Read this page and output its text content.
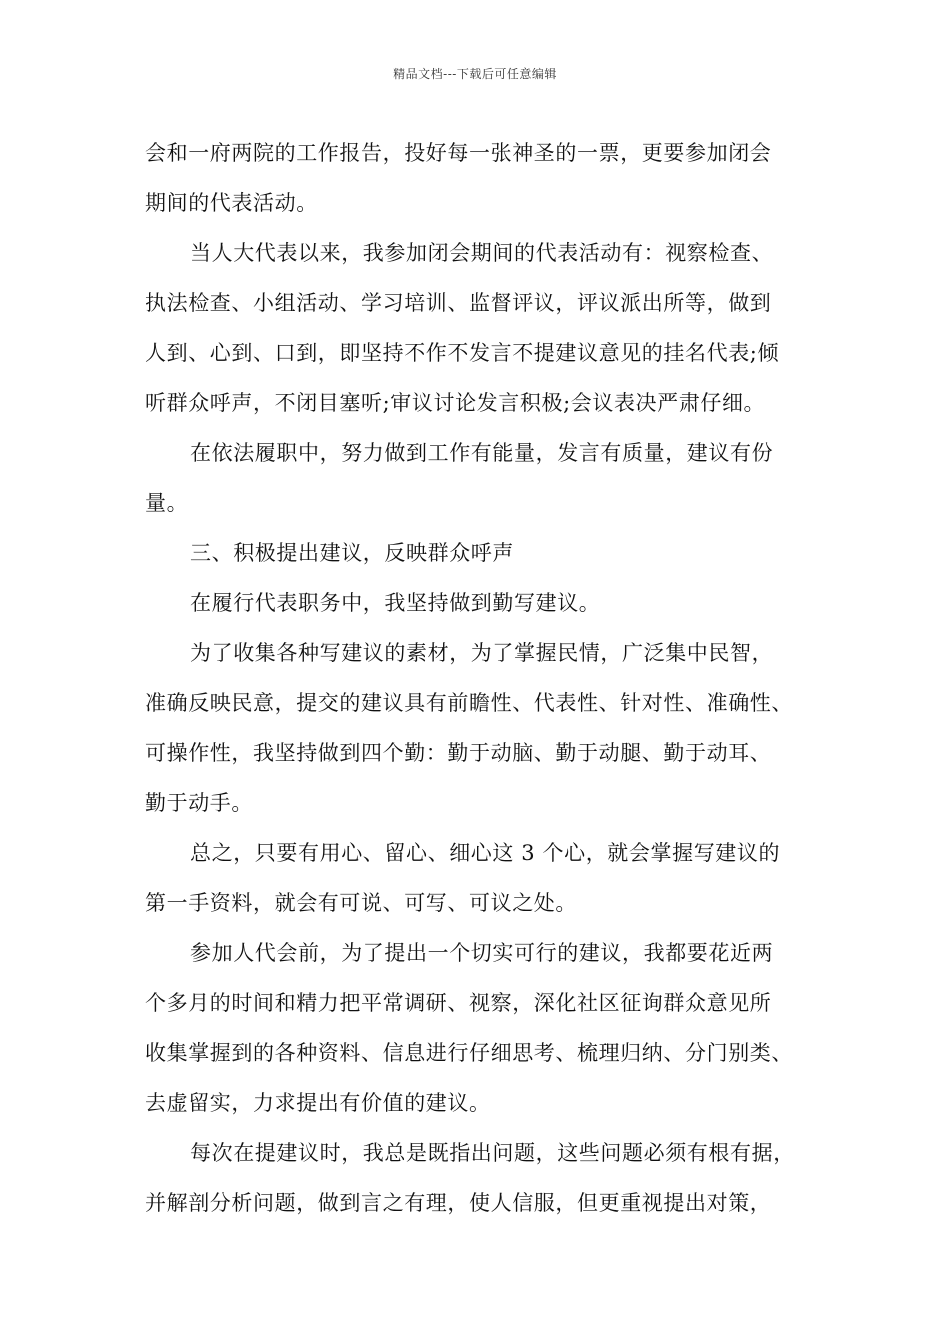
精品文档---下载后可任意编辑
会和一府两院的工作报告，投好每一张神圣的一票，更要参加闭会
期间的代表活动。
当人大代表以来，我参加闭会期间的代表活动有：视察检查、
执法检查、小组活动、学习培训、监督评议，评议派出所等，做到
人到、心到、口到，即坚持不作不发言不提建议意见的挂名代表;倾
听群众呼声，不闭目塞听;审议讨论发言积极;会议表决严肃仔细。
在依法履职中，努力做到工作有能量，发言有质量，建议有份
量。
三、积极提出建议，反映群众呼声
在履行代表职务中，我坚持做到勤写建议。
为了收集各种写建议的素材，为了掌握民情，广泛集中民智，
准确反映民意，提交的建议具有前瞻性、代表性、针对性、准确性、
可操作性，我坚持做到四个勤：勤于动脑、勤于动腿、勤于动耳、
勤于动手。
总之，只要有用心、留心、细心这 3 个心，就会掌握写建议的
第一手资料，就会有可说、可写、可议之处。
参加人代会前，为了提出一个切实可行的建议，我都要花近两
个多月的时间和精力把平常调研、视察，深化社区征询群众意见所
收集掌握到的各种资料、信息进行仔细思考、梳理归纳、分门别类、
去虚留实，力求提出有价值的建议。
每次在提建议时，我总是既指出问题，这些问题必须有根有据，
并解剖分析问题，做到言之有理，使人信服，但更重视提出对策，
